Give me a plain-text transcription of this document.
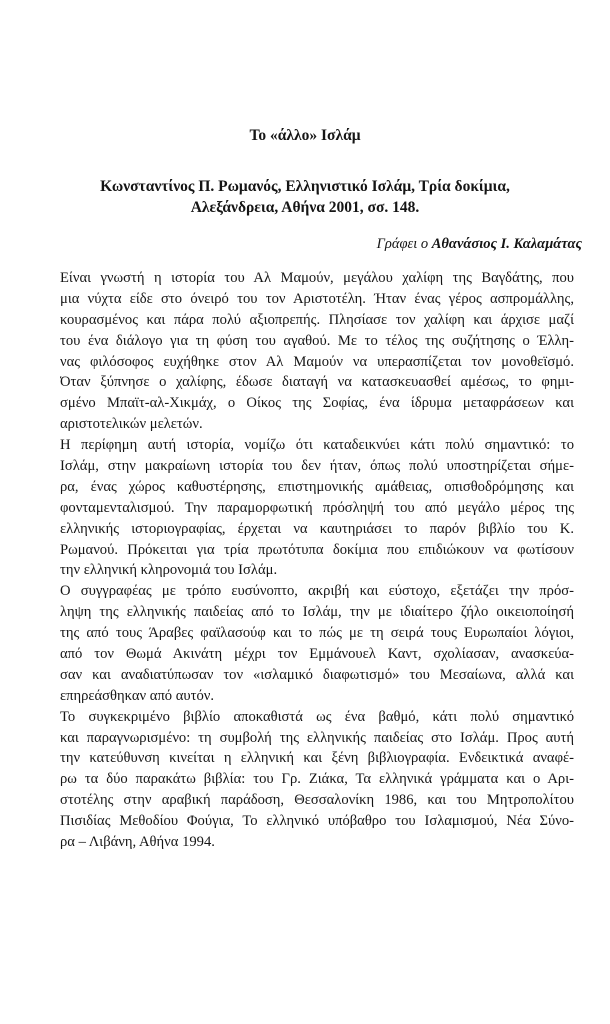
Το «άλλο» Ισλάμ
Κωνσταντίνος Π. Ρωμανός, Ελληνιστικό Ισλάμ, Τρία δοκίμια,
Αλεξάνδρεια, Αθήνα 2001, σσ. 148.
Γράφει ο Αθανάσιος Ι. Καλαμάτας
Είναι γνωστή η ιστορία του Αλ Μαμούν, μεγάλου χαλίφη της Βαγδάτης, που
μια νύχτα είδε στο όνειρό του τον Αριστοτέλη. Ήταν ένας γέρος ασπρομάλλης,
κουρασμένος και πάρα πολύ αξιοπρεπής. Πλησίασε τον χαλίφη και άρχισε μαζί
του ένα διάλογο για τη φύση του αγαθού. Με το τέλος της συζήτησης ο Έλλη-
νας φιλόσοφος ευχήθηκε στον Αλ Μαμούν να υπερασπίζεται τον μονοθεϊσμό.
Όταν ξύπνησε ο χαλίφης, έδωσε διαταγή να κατασκευασθεί αμέσως, το φημι-
σμένο Μπαϊτ-αλ-Χικμάχ, ο Οίκος της Σοφίας, ένα ίδρυμα μεταφράσεων και
αριστοτελικών μελετών.
Η περίφημη αυτή ιστορία, νομίζω ότι καταδεικνύει κάτι πολύ σημαντικό: το
Ισλάμ, στην μακραίωνη ιστορία του δεν ήταν, όπως πολύ υποστηρίζεται σήμε-
ρα, ένας χώρος καθυστέρησης, επιστημονικής αμάθειας, οπισθοδρόμησης και
φονταμενταλισμού. Την παραμορφωτική πρόσληψή του από μεγάλο μέρος της
ελληνικής ιστοριογραφίας, έρχεται να καυτηριάσει το παρόν βιβλίο του Κ.
Ρωμανού. Πρόκειται για τρία πρωτότυπα δοκίμια που επιδιώκουν να φωτίσουν
την ελληνική κληρονομιά του Ισλάμ.
Ο συγγραφέας με τρόπο ευσύνοπτο, ακριβή και εύστοχο, εξετάζει την πρόσ-
ληψη της ελληνικής παιδείας από το Ισλάμ, την με ιδιαίτερο ζήλο οικειοποίησή
της από τους Άραβες φαϊλασούφ και το πώς με τη σειρά τους Ευρωπαίοι λόγιοι,
από τον Θωμά Ακινάτη μέχρι τον Εμμάνουελ Καντ, σχολίασαν, ανασκεύα-
σαν και αναδιατύπωσαν τον «ισλαμικό διαφωτισμό» του Μεσαίωνα, αλλά και
επηρεάσθηκαν από αυτόν.
Το συγκεκριμένο βιβλίο αποκαθιστά ως ένα βαθμό, κάτι πολύ σημαντικό
και παραγνωρισμένο: τη συμβολή της ελληνικής παιδείας στο Ισλάμ. Προς αυτή
την κατεύθυνση κινείται η ελληνική και ξένη βιβλιογραφία. Ενδεικτικά αναφέ-
ρω τα δύο παρακάτω βιβλία: του Γρ. Ζιάκα, Τα ελληνικά γράμματα και ο Αρι-
στοτέλης στην αραβική παράδοση, Θεσσαλονίκη 1986, και του Μητροπολίτου
Πισιδίας Μεθοδίου Φούγια, Το ελληνικό υπόβαθρο του Ισλαμισμού, Νέα Σύνο-
ρα – Λιβάνη, Αθήνα 1994.
